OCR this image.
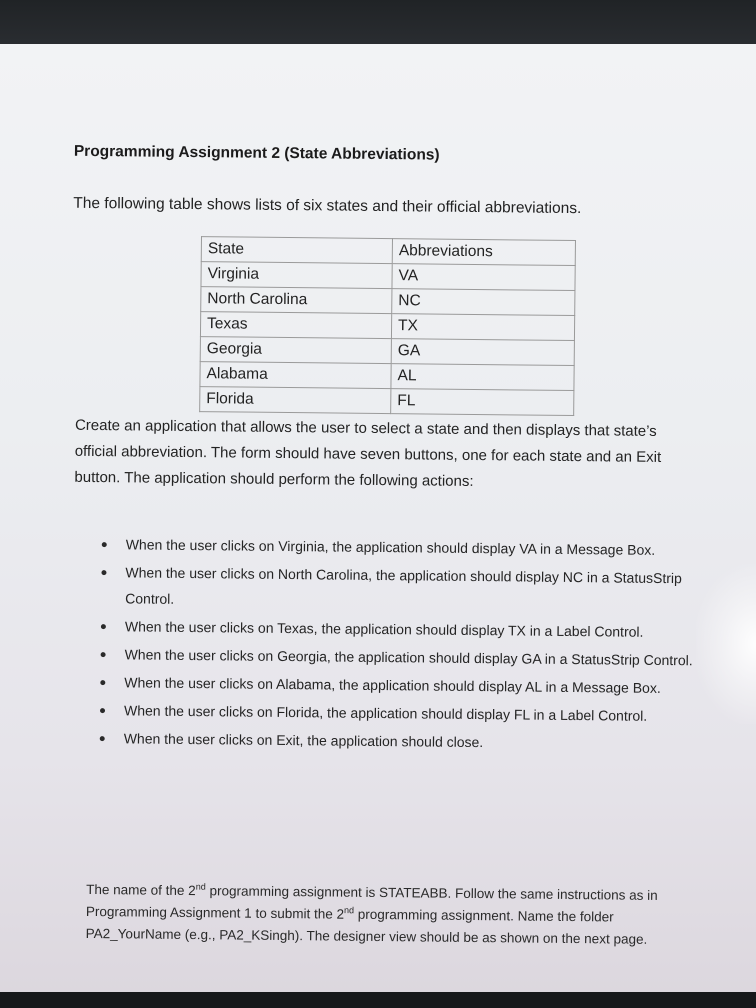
Programming Assignment 2 (State Abbreviations)
The following table shows lists of six states and their official abbreviations.
State	Abbreviations
Virginia	VA
North Carolina	NC
Texas	TX
Georgia	GA
Alabama	AL
Florida	FL
Create an application that allows the user to select a state and then displays that state’s official abbreviation. The form should have seven buttons, one for each state and an Exit button. The application should perform the following actions:
When the user clicks on Virginia, the application should display VA in a Message Box.
When the user clicks on North Carolina, the application should display NC in a StatusStrip Control.
When the user clicks on Texas, the application should display TX in a Label Control.
When the user clicks on Georgia, the application should display GA in a StatusStrip Control.
When the user clicks on Alabama, the application should display AL in a Message Box.
When the user clicks on Florida, the application should display FL in a Label Control.
When the user clicks on Exit, the application should close.
The name of the 2nd programming assignment is STATEABB. Follow the same instructions as in Programming Assignment 1 to submit the 2nd programming assignment. Name the folder PA2_YourName (e.g., PA2_KSingh). The designer view should be as shown on the next page.
